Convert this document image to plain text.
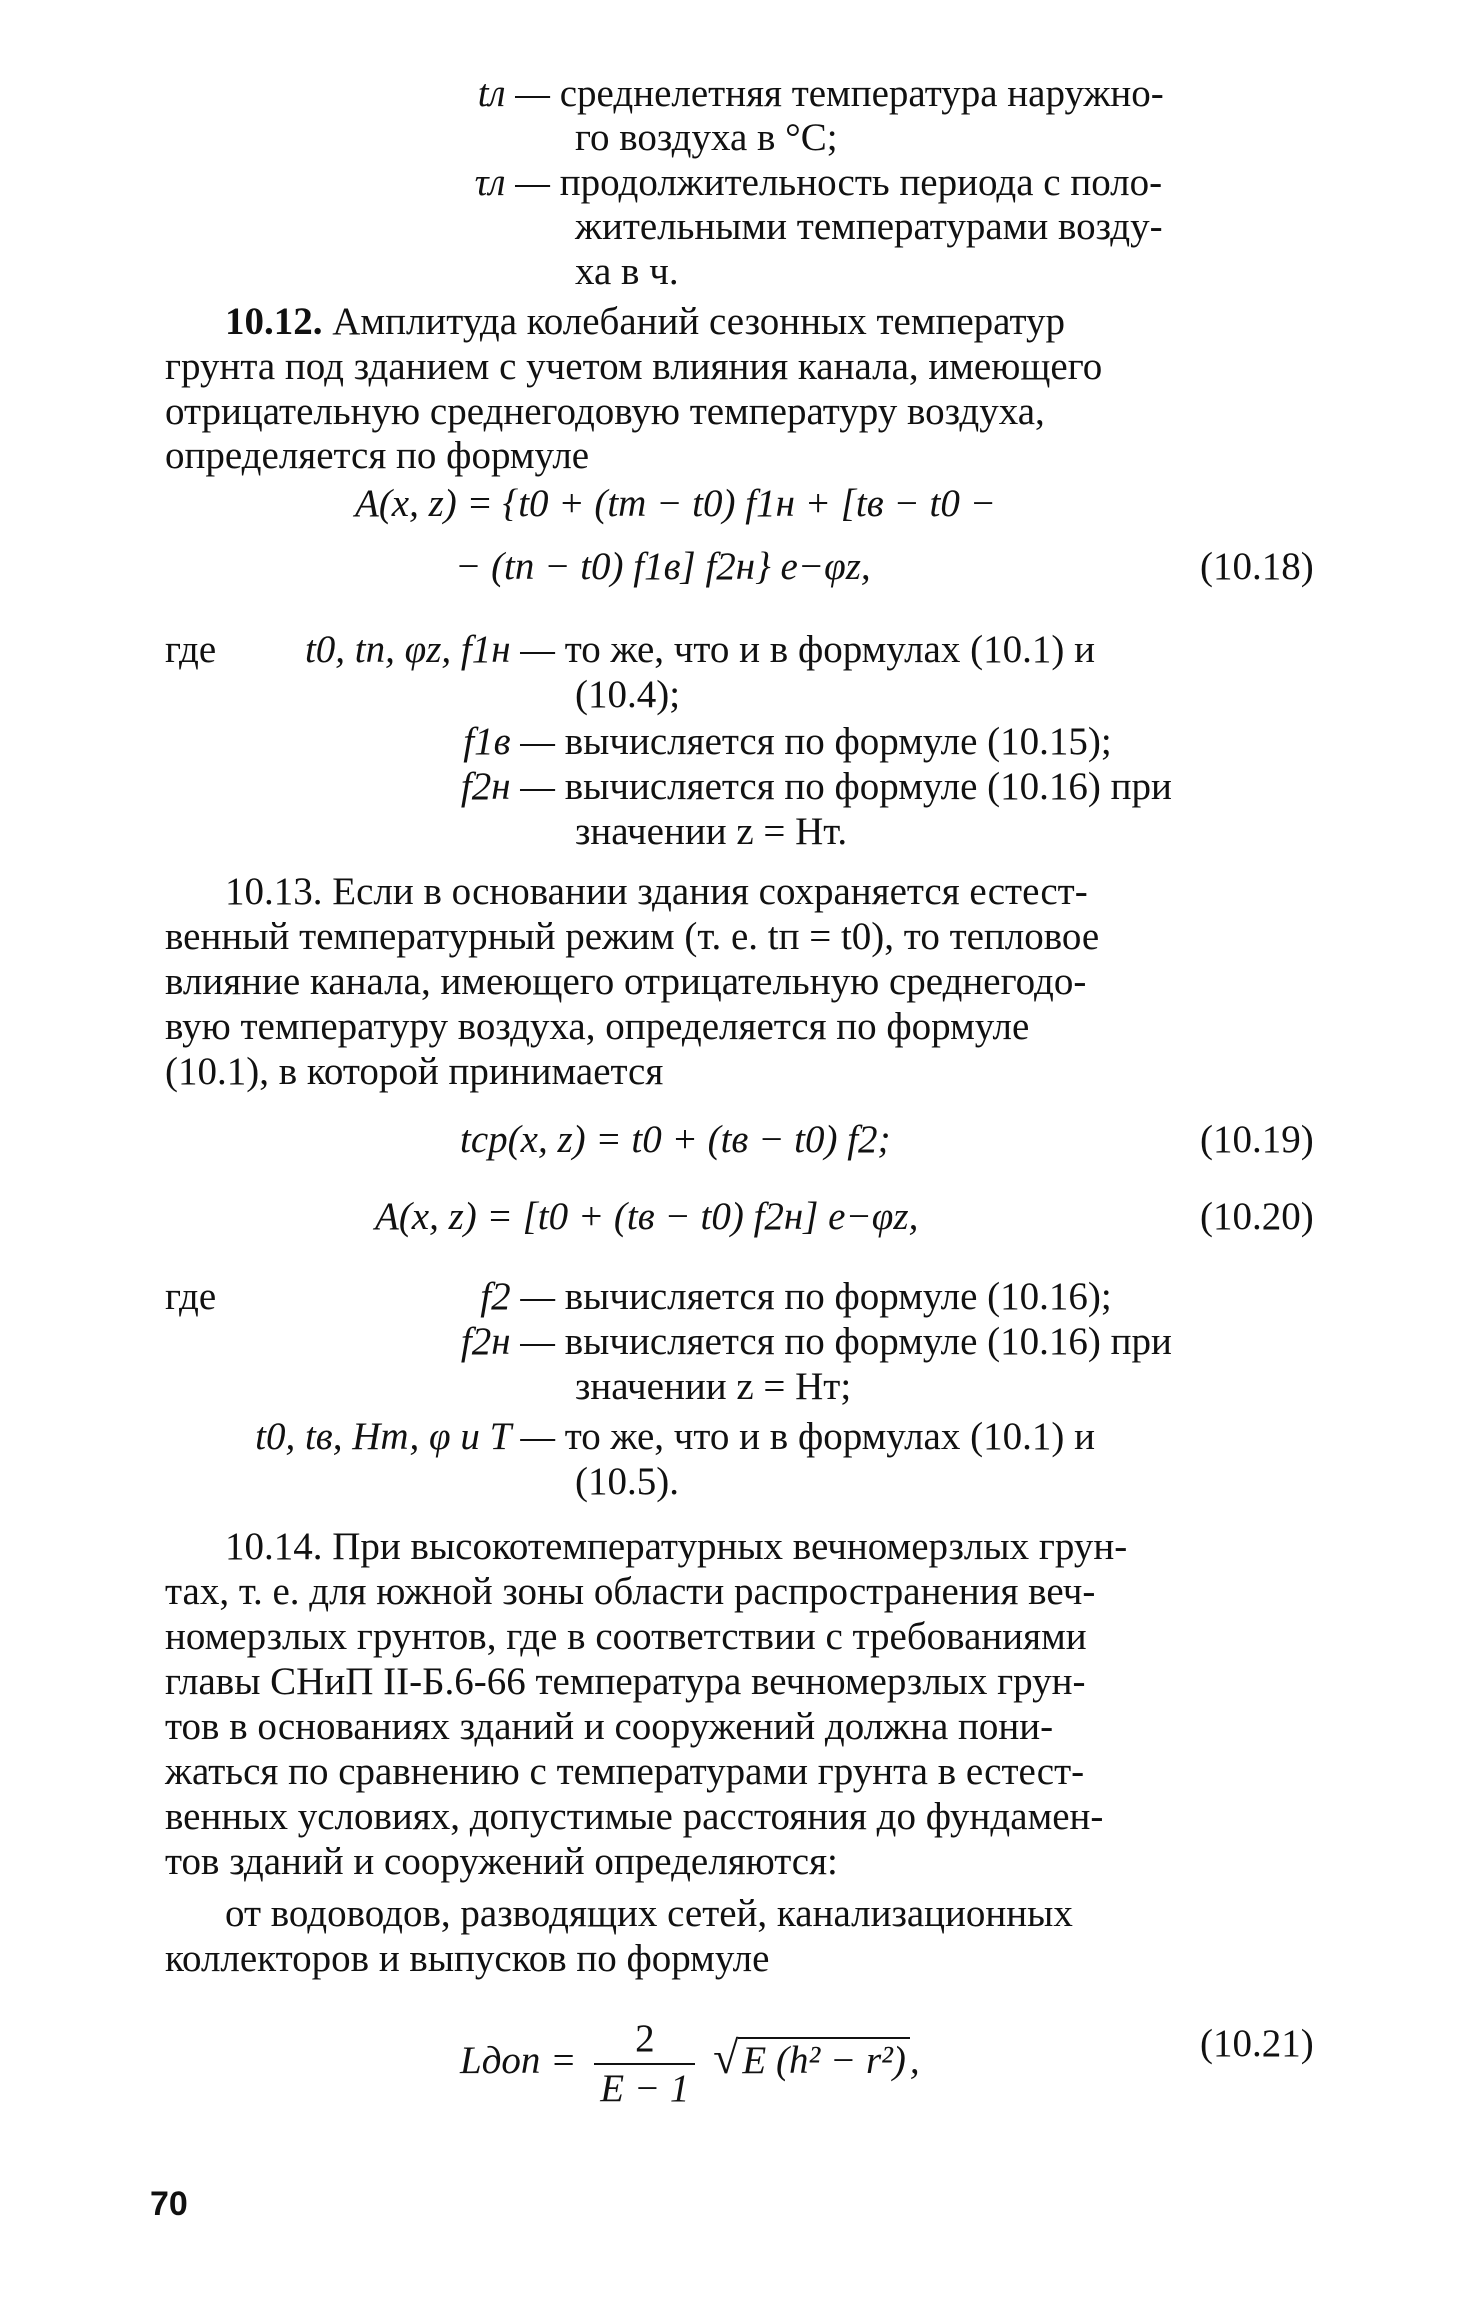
tл — среднелетняя температура наружно-
го воздуха в °С;
τл — продолжительность периода с поло-
жительными температурами возду-
ха в ч.
10.12. Амплитуда колебаний сезонных температур
грунта под зданием с учетом влияния канала, имеющего
отрицательную среднегодовую температуру воздуха,
определяется по формуле
A(x, z) = {t0 + (tт − t0) f1н + [tв − t0 −
− (tп − t0) f1в] f2н} e−φz,	(10.18)
где	t0, tп, φz, f1н — то же, что и в формулах (10.1) и
(10.4);
f1в — вычисляется по формуле (10.15);
f2н — вычисляется по формуле (10.16) при
значении z = Hт.
10.13. Если в основании здания сохраняется естест-
венный температурный режим (т. е. tп = t0), то тепловое
влияние канала, имеющего отрицательную среднегодо-
вую температуру воздуха, определяется по формуле
(10.1), в которой принимается
tср(x, z) = t0 + (tв − t0) f2;	(10.19)
A(x, z) = [t0 + (tв − t0) f2н] e−φz,	(10.20)
где	f2 — вычисляется по формуле (10.16);
f2н — вычисляется по формуле (10.16) при
значении z = Hт;
t0, tв, Hт, φ и T — то же, что и в формулах (10.1) и
(10.5).
10.14. При высокотемпературных вечномерзлых грун-
тах, т. е. для южной зоны области распространения веч-
номерзлых грунтов, где в соответствии с требованиями
главы СНиП II-Б.6-66 температура вечномерзлых грун-
тов в основаниях зданий и сооружений должна пони-
жаться по сравнению с температурами грунта в естест-
венных условиях, допустимые расстояния до фундамен-
тов зданий и сооружений определяются:
от водоводов, разводящих сетей, канализационных
коллекторов и выпусков по формуле
Lдоп = $\frac{2}{E - 1}$ √ E (h² − r²) ,	(10.21)
70
